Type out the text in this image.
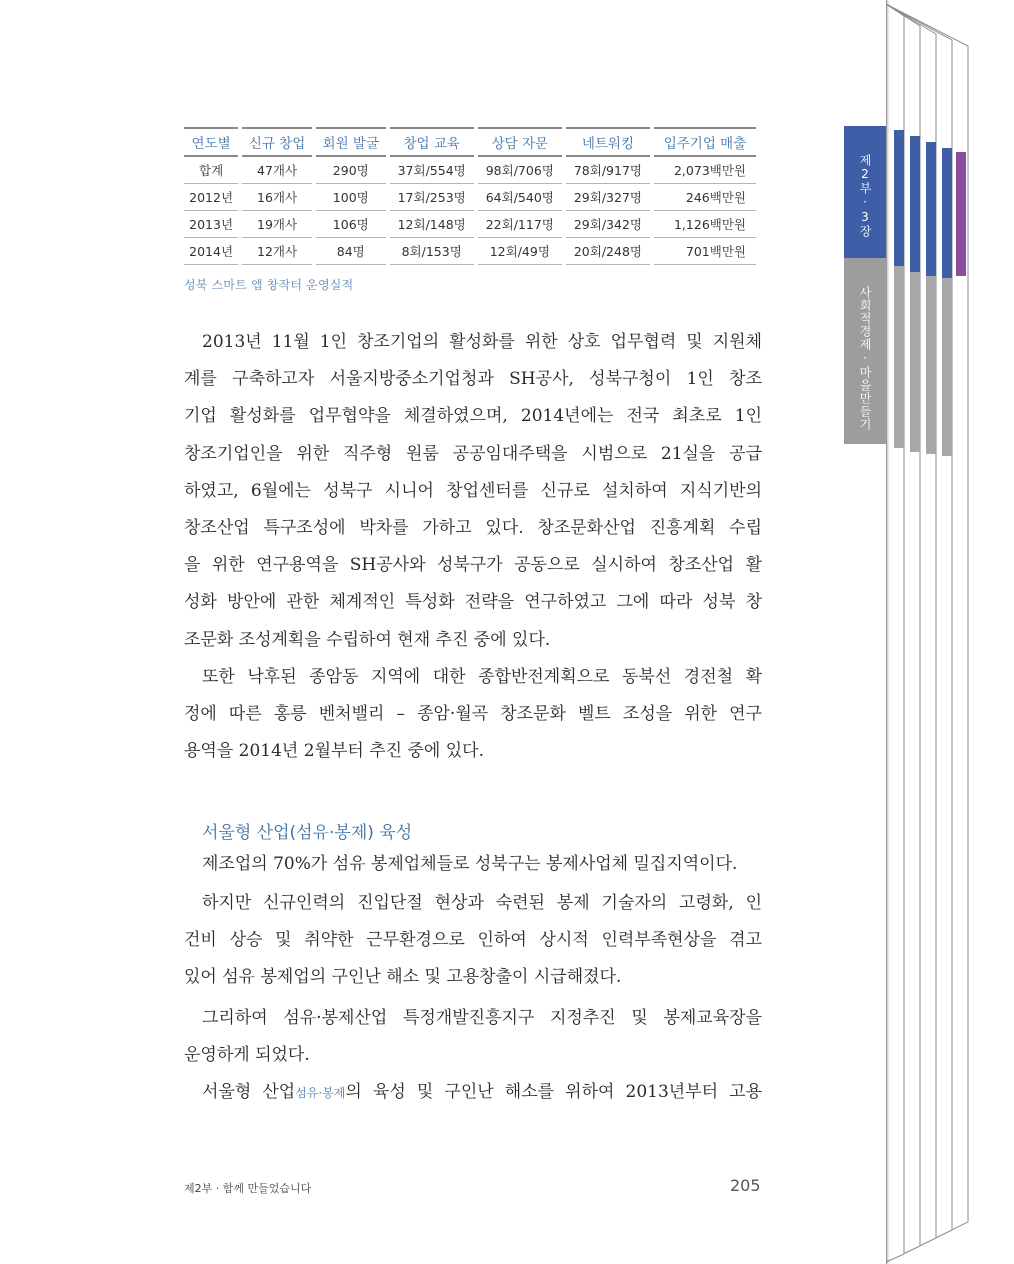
연도별	신규 창업	회원 발굴	창업 교육	상담 자문	네트워킹	입주기업 매출
합계	47개사	290명	37회/554명	98회/706명	78회/917명	2,073백만원
2012년	16개사	100명	17회/253명	64회/540명	29회/327명	246백만원
2013년	19개사	106명	12회/148명	22회/117명	29회/342명	1,126백만원
2014년	12개사	84명	8회/153명	12회/49명	20회/248명	701백만원
성북 스마트 앱 창작터 운영실적
2013년 11월 1인 창조기업의 활성화를 위한 상호 업무협력 및 지원체
계를 구축하고자 서울지방중소기업청과 SH공사, 성북구청이 1인 창조
기업 활성화를 업무협약을 체결하였으며, 2014년에는 전국 최초로 1인
창조기업인을 위한 직주형 원룸 공공임대주택을 시범으로 21실을 공급
하였고, 6월에는 성북구 시니어 창업센터를 신규로 설치하여 지식기반의
창조산업 특구조성에 박차를 가하고 있다. 창조문화산업 진흥계획 수립
을 위한 연구용역을 SH공사와 성북구가 공동으로 실시하여 창조산업 활
성화 방안에 관한 체계적인 특성화 전략을 연구하였고 그에 따라 성북 창
조문화 조성계획을 수립하여 현재 추진 중에 있다.
또한 낙후된 종암동 지역에 대한 종합반전계획으로 동북선 경전철 확
정에 따른 홍릉 벤처밸리 – 종암·월곡 창조문화 벨트 조성을 위한 연구
용역을 2014년 2월부터 추진 중에 있다.
서울형 산업(섬유·봉제) 육성
제조업의 70%가 섬유 봉제업체들로 성북구는 봉제사업체 밀집지역이다.
하지만 신규인력의 진입단절 현상과 숙련된 봉제 기술자의 고령화, 인
건비 상승 및 취약한 근무환경으로 인하여 상시적 인력부족현상을 겪고
있어 섬유 봉제업의 구인난 해소 및 고용창출이 시급해졌다.
그리하여 섬유·봉제산업 특정개발진흥지구 지정추진 및 봉제교육장을
운영하게 되었다.
서울형 산업섬유·봉제의 육성 및 구인난 해소를 위하여 2013년부터 고용
제2부 · 함께 만들었습니다	205
제2부·3장
사회적경제·마을만들기
